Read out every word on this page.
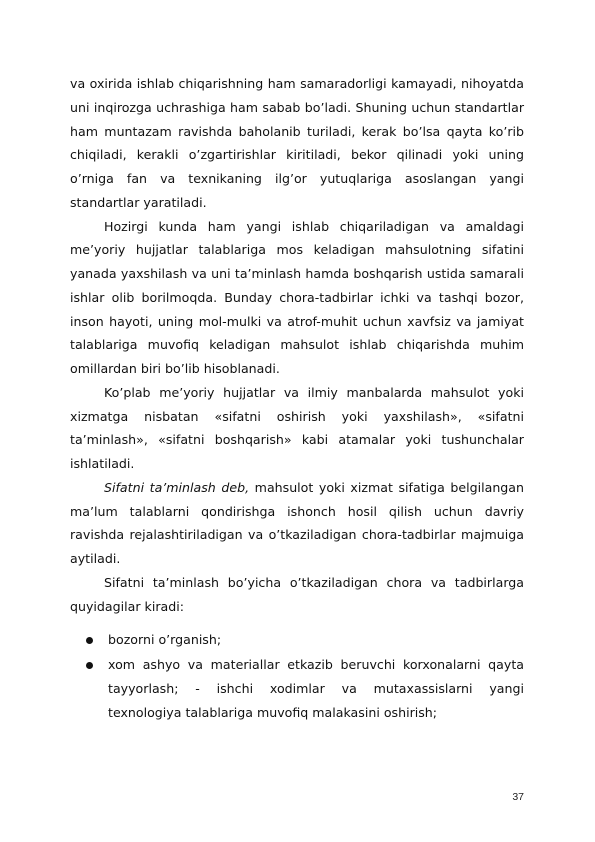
va oxirida ishlab chiqarishning ham samaradorligi kamayadi, nihoyatda uni inqirozga uchrashiga ham sabab bo’ladi. Shuning uchun standartlar ham muntazam ravishda baholanib turiladi, kerak bo’lsa qayta ko’rib chiqiladi, kerakli o’zgartirishlar kiritiladi, bekor qilinadi yoki uning o’rniga fan va texnikaning ilg’or yutuqlariga asoslangan yangi standartlar yaratiladi.

Hozirgi kunda ham yangi ishlab chiqariladigan va amaldagi me’yoriy hujjatlar talablariga mos keladigan mahsulotning sifatini yanada yaxshilash va uni ta’minlash hamda boshqarish ustida samarali ishlar olib borilmoqda. Bunday chora-tadbirlar ichki va tashqi bozor, inson hayoti, uning mol-mulki va atrof-muhit uchun xavfsiz va jamiyat talablariga muvofiq keladigan mahsulot ishlab chiqarishda muhim omillardan biri bo’lib hisoblanadi.

Ko’plab me’yoriy hujjatlar va ilmiy manbalarda mahsulot yoki xizmatga nisbatan «sifatni oshirish yoki yaxshilash», «sifatni ta’minlash», «sifatni boshqarish» kabi atamalar yoki tushunchalar ishlatiladi.

Sifatni ta’minlash deb, mahsulot yoki xizmat sifatiga belgilangan ma’lum talablarni qondirishga ishonch hosil qilish uchun davriy ravishda rejalashtiriladigan va o’tkaziladigan chora-tadbirlar majmuiga aytiladi.

Sifatni ta’minlash bo’yicha o’tkaziladigan chora va tadbirlarga quyidagilar kiradi:

bozorni o’rganish;
xom ashyo va materiallar etkazib beruvchi korxonalarni qayta tayyorlash; - ishchi xodimlar va mutaxassislarni yangi texnologiya talablariga muvofiq malakasini oshirish;
37
